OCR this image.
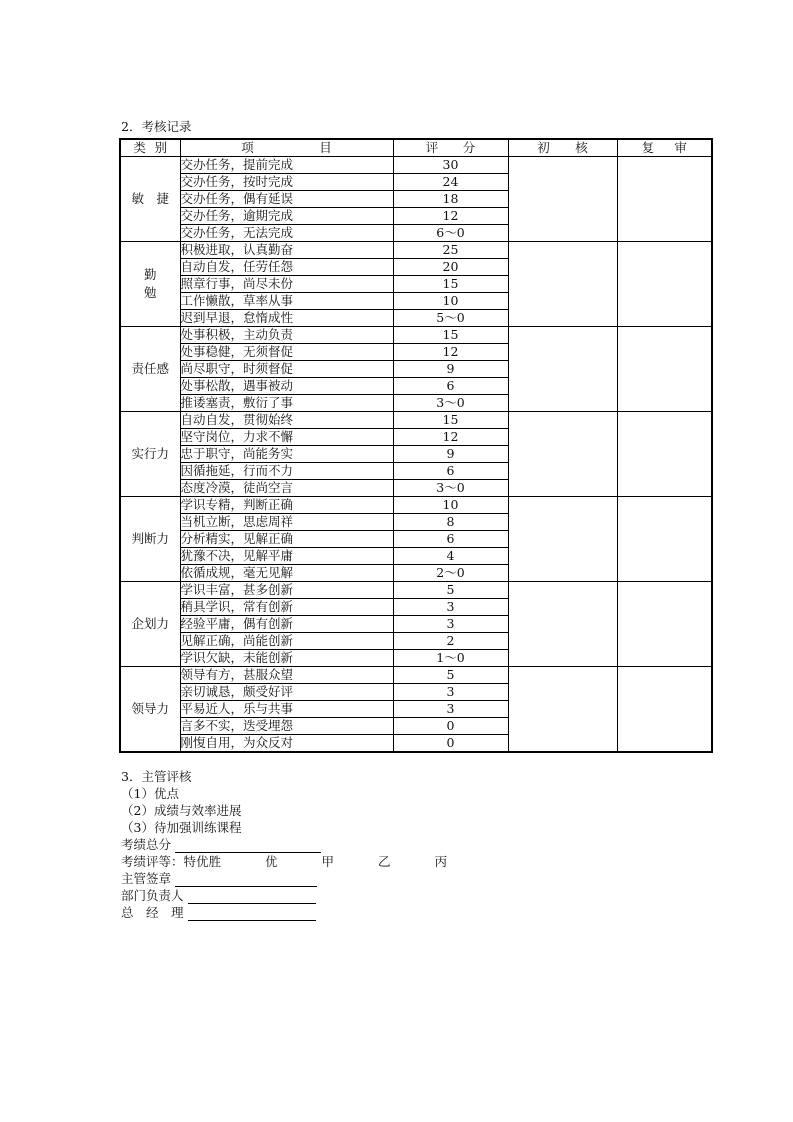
2．考核记录
类 别	项 目	评 分	初 核	复 审

敏　捷	交办任务，提前完成	30		
	交办任务，按时完成	24		
	交办任务，偶有延误	18		
	交办任务，逾期完成	12		
	交办任务，无法完成	6～0		
勤勉	积极进取，认真勤奋	25		
	自动自发，任劳任怨	20		
	照章行事，尚尽未份	15		
	工作懒散，草率从事	10		
	迟到早退，怠惰成性	5～0		
责任感	处事积极，主动负责	15		
	处事稳健，无须督促	12		
	尚尽职守，时须督促	9		
	处事松散，遇事被动	6		
	推诿塞责，敷衍了事	3～0		
实行力	自动自发，贯彻始终	15		
	坚守岗位，力求不懈	12		
	忠于职守，尚能务实	9		
	因循拖延，行而不力	6		
	态度冷漠，徒尚空言	3～0		
判断力	学识专精，判断正确	10		
	当机立断，思虑周祥	8		
	分析精实，见解正确	6		
	犹豫不决，见解平庸	4		
	依循成规，毫无见解	2～0		
企划力	学识丰富，甚多创新	5		
	稍具学识，常有创新	3		
	经验平庸，偶有创新	3		
	见解正确，尚能创新	2		
	学识欠缺，未能创新	1～0		
领导力	领导有方，甚服众望	5		
	亲切诚恳，颇受好评	3		
	平易近人，乐与共事	3		
	言多不实，迭受埋怨	0		
	刚愎自用，为众反对	0		
3．主管评核
（1）优点
（2）成绩与效率进展
（3）待加强训练课程
考绩总分
考绩评等：特优胜	优	甲	乙	丙
主管签章
部门负责人
总　经　理
